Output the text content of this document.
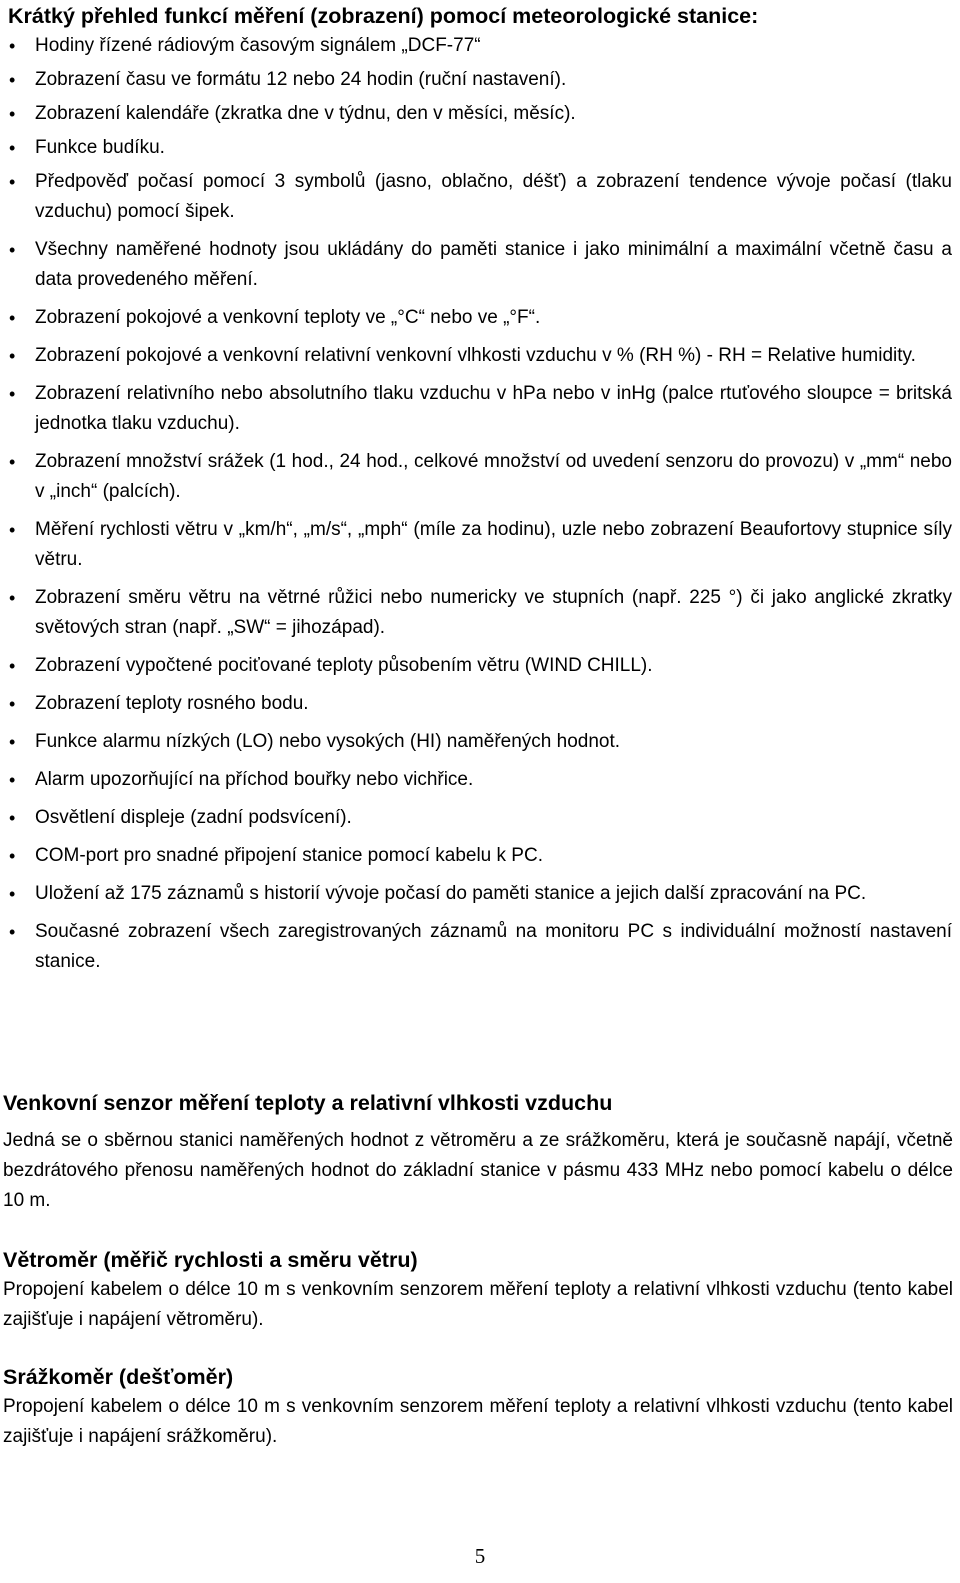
Krátký přehled funkcí měření (zobrazení) pomocí meteorologické stanice:
• Hodiny řízené rádiovým časovým signálem „DCF-77“
• Zobrazení času ve formátu 12 nebo 24 hodin (ruční nastavení).
• Zobrazení kalendáře (zkratka dne v týdnu, den v měsíci, měsíc).
• Funkce budíku.
• Předpověď počasí pomocí 3 symbolů (jasno, oblačno, déšť) a zobrazení tendence vývoje počasí (tlaku vzduchu) pomocí šipek.
• Všechny naměřené hodnoty jsou ukládány do paměti stanice i jako minimální a maximální včetně času a data provedeného měření.
• Zobrazení pokojové a venkovní teploty ve „°C“ nebo ve „°F“.
• Zobrazení pokojové a venkovní relativní venkovní vlhkosti vzduchu v % (RH %) - RH = Relative humidity.
• Zobrazení relativního nebo absolutního tlaku vzduchu v hPa nebo v inHg (palce rtuťového sloupce = britská jednotka tlaku vzduchu).
• Zobrazení množství srážek (1 hod., 24 hod., celkové množství od uvedení senzoru do provozu) v „mm“ nebo v „inch“ (palcích).
• Měření rychlosti větru v „km/h“, „m/s“, „mph“ (míle za hodinu), uzle nebo zobrazení Beaufortovy stupnice síly větru.
• Zobrazení směru větru na větrné růžici nebo numericky ve stupních (např. 225 °) či jako anglické zkratky světových stran (např. „SW“ = jihozápad).
• Zobrazení vypočtené pociťované teploty působením větru (WIND CHILL).
• Zobrazení teploty rosného bodu.
• Funkce alarmu nízkých (LO) nebo vysokých (HI) naměřených hodnot.
• Alarm upozorňující na příchod bouřky nebo vichřice.
• Osvětlení displeje (zadní podsvícení).
• COM-port pro snadné připojení stanice pomocí kabelu k PC.
• Uložení až 175 záznamů s historií vývoje počasí do paměti stanice a jejich další zpracování na PC.
• Současné zobrazení všech zaregistrovaných záznamů na monitoru PC s individuální možností nastavení stanice.
Venkovní senzor měření teploty a relativní vlhkosti vzduchu

Jedná se o sběrnou stanici naměřených hodnot z větroměru a ze srážkoměru, která je současně napájí, včetně bezdrátového přenosu naměřených hodnot do základní stanice v pásmu 433 MHz nebo pomocí kabelu o délce 10 m.

Větroměr (měřič rychlosti a směru větru)

Propojení kabelem o délce 10 m s venkovním senzorem měření teploty a relativní vlhkosti vzduchu (tento kabel zajišťuje i napájení větroměru).

Srážkoměr (dešťoměr)

Propojení kabelem o délce 10 m s venkovním senzorem měření teploty a relativní vlhkosti vzduchu (tento kabel zajišťuje i napájení srážkoměru).

5
